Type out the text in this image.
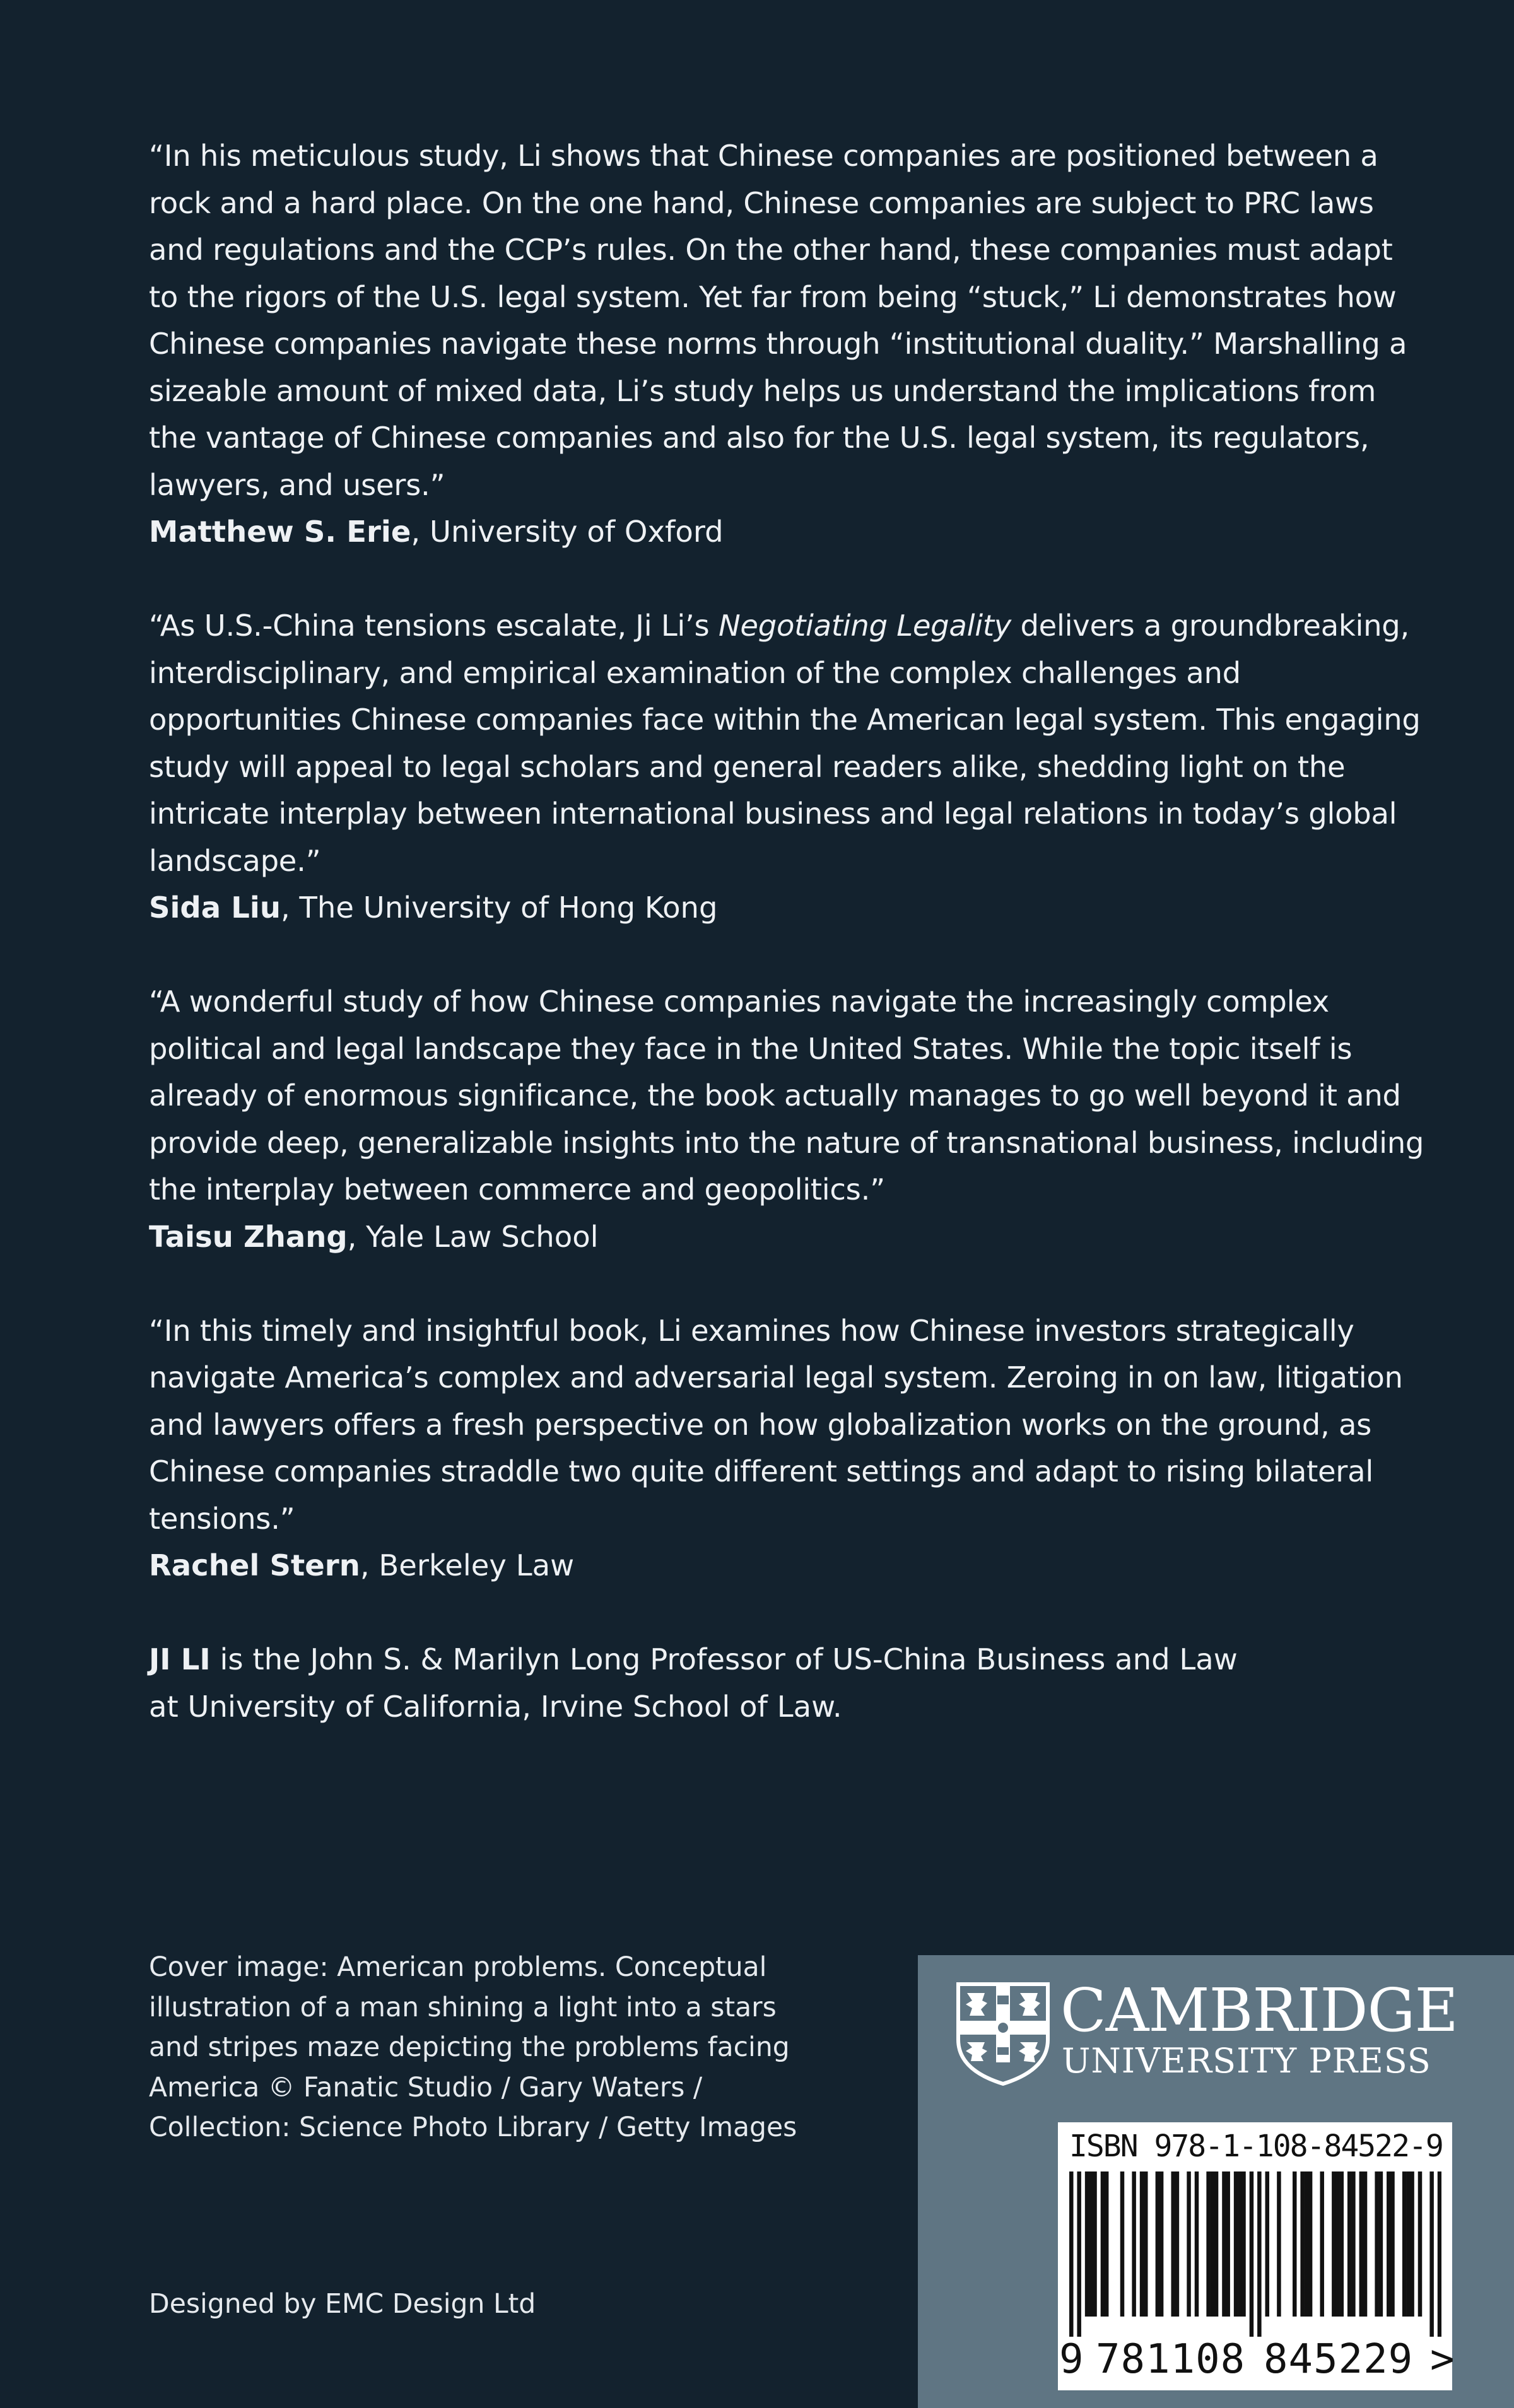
“In his meticulous study, Li shows that Chinese companies are positioned between a rock and a hard place. On the one hand, Chinese companies are subject to PRC laws and regulations and the CCP’s rules. On the other hand, these companies must adapt to the rigors of the U.S. legal system. Yet far from being “stuck,” Li demonstrates how Chinese companies navigate these norms through “institutional duality.” Marshalling a sizeable amount of mixed data, Li’s study helps us understand the implications from the vantage of Chinese companies and also for the U.S. legal system, its regulators, lawyers, and users.”

Matthew S. Erie, University of Oxford

“As U.S.-China tensions escalate, Ji Li’s Negotiating Legality delivers a groundbreaking, interdisciplinary, and empirical examination of the complex challenges and opportunities Chinese companies face within the American legal system. This engaging study will appeal to legal scholars and general readers alike, shedding light on the intricate interplay between international business and legal relations in today’s global landscape.”

Sida Liu, The University of Hong Kong

“A wonderful study of how Chinese companies navigate the increasingly complex political and legal landscape they face in the United States. While the topic itself is already of enormous significance, the book actually manages to go well beyond it and provide deep, generalizable insights into the nature of transnational business, including the interplay between commerce and geopolitics.”

Taisu Zhang, Yale Law School

“In this timely and insightful book, Li examines how Chinese investors strategically navigate America’s complex and adversarial legal system. Zeroing in on law, litigation and lawyers offers a fresh perspective on how globalization works on the ground, as Chinese companies straddle two quite different settings and adapt to rising bilateral tensions.”

Rachel Stern, Berkeley Law

JI LI is the John S. & Marilyn Long Professor of US-China Business and Law
at University of California, Irvine School of Law.

Cover image: American problems. Conceptual
illustration of a man shining a light into a stars
and stripes maze depicting the problems facing
America © Fanatic Studio / Gary Waters /
Collection: Science Photo Library / Getty Images

Designed by EMC Design Ltd

CAMBRIDGE

UNIVERSITY PRESS

ISBN 978-1-108-84522-9
9 781108 845229 >
